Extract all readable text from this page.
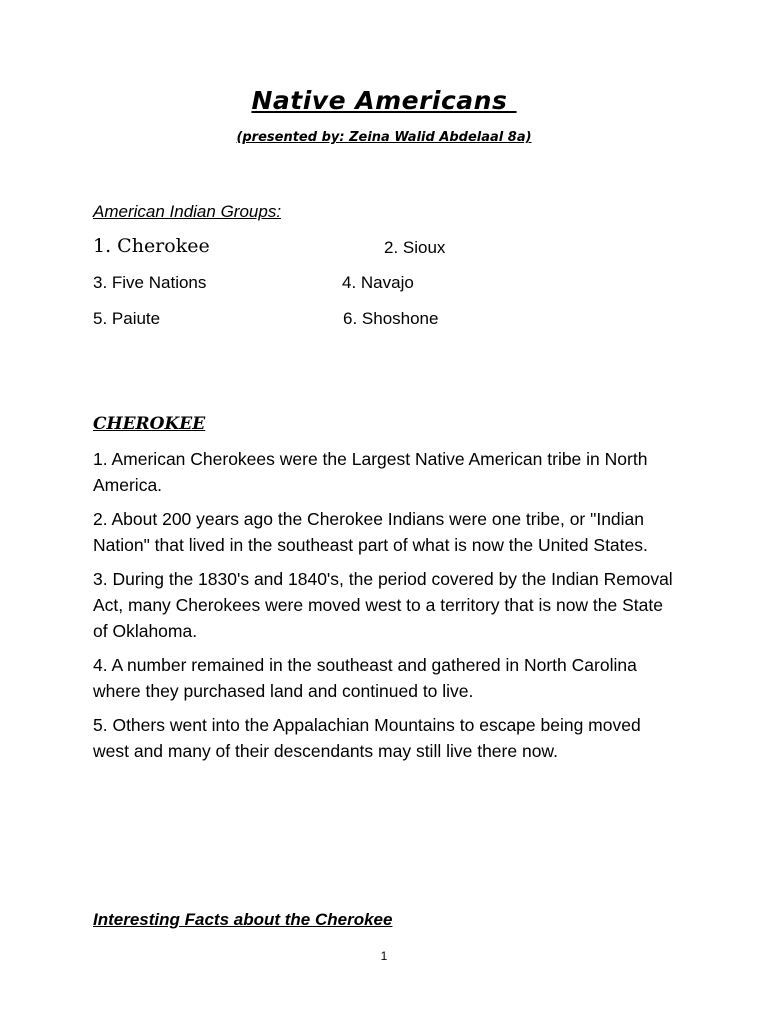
Native Americans
(presented by: Zeina Walid Abdelaal 8a)
American Indian Groups:
1. Cherokee	2. Sioux
3. Five Nations	4. Navajo
5. Paiute	6. Shoshone
CHEROKEE

1. American Cherokees were the Largest Native American tribe in North America.

2. About 200 years ago the Cherokee Indians were one tribe, or "Indian Nation" that lived in the southeast part of what is now the United States.

3. During the 1830's and 1840's, the period covered by the Indian Removal Act, many Cherokees were moved west to a territory that is now the State of Oklahoma.

4. A number remained in the southeast and gathered in North Carolina where they purchased land and continued to live.

5. Others went into the Appalachian Mountains to escape being moved west and many of their descendants may still live there now.

Interesting Facts about the Cherokee
1
